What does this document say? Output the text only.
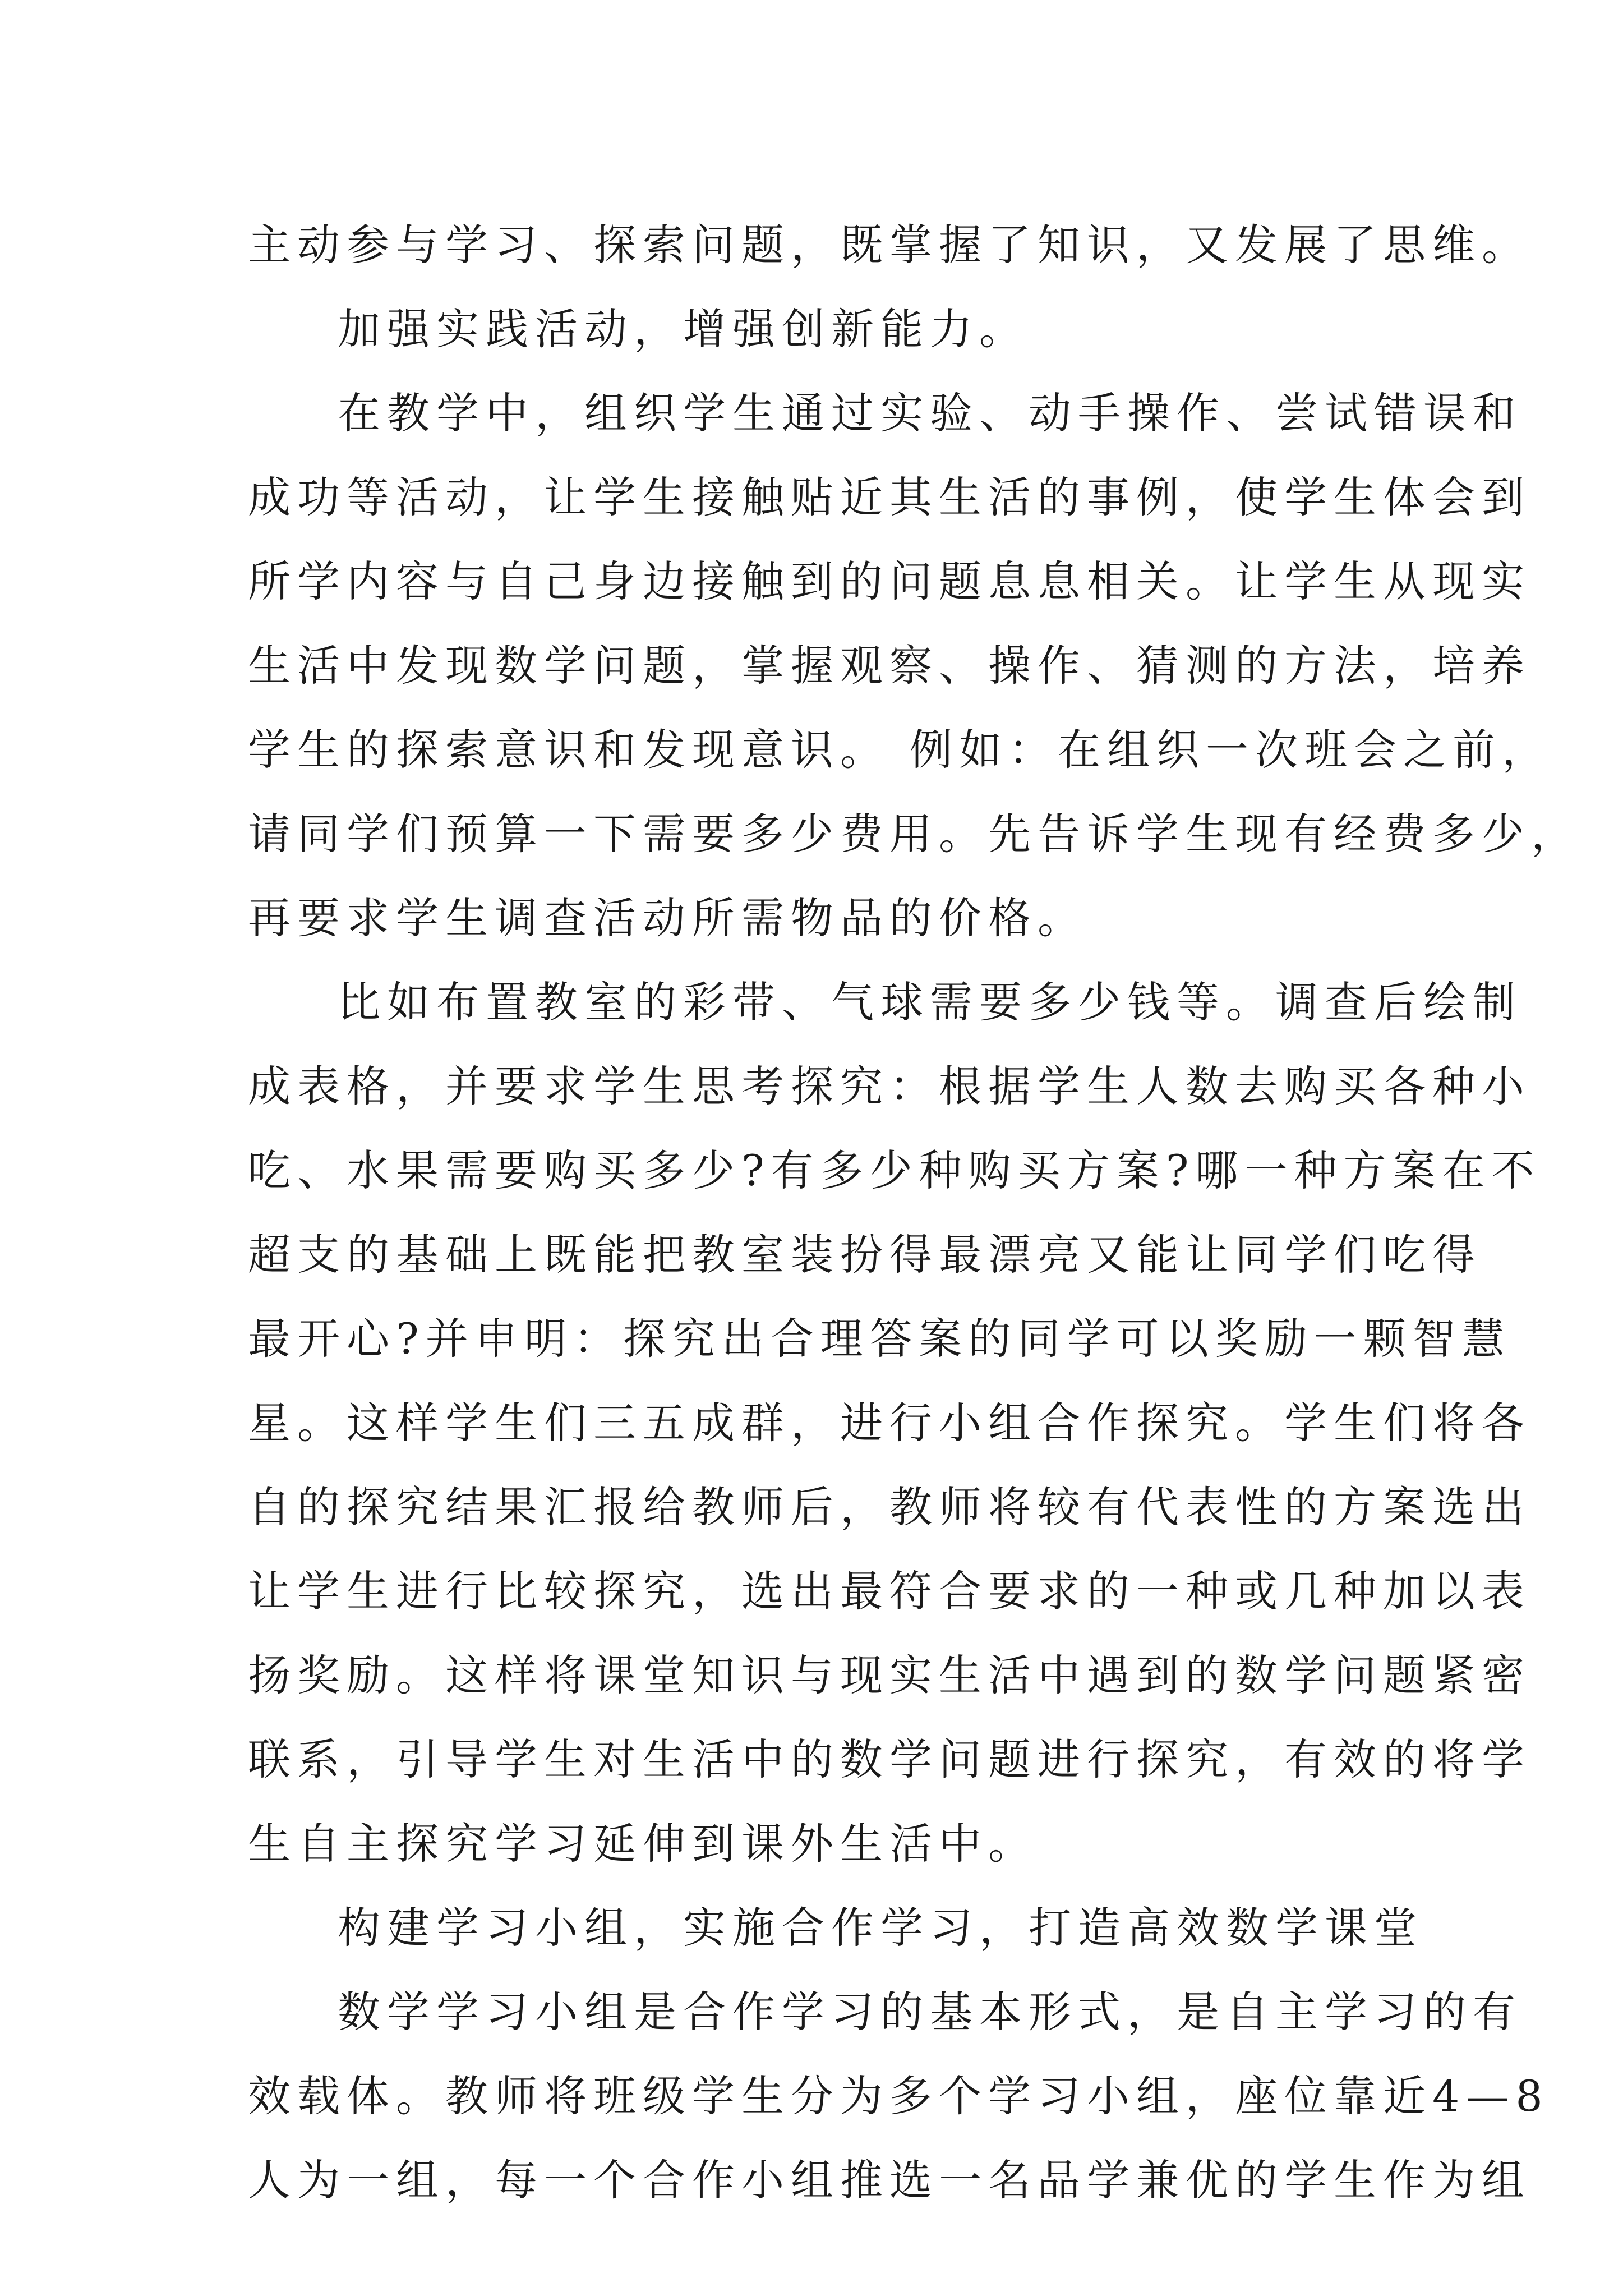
主动参与学习、探索问题，既掌握了知识，又发展了思维。
加强实践活动，增强创新能力。
在教学中，组织学生通过实验、动手操作、尝试错误和
成功等活动，让学生接触贴近其生活的事例，使学生体会到
所学内容与自己身边接触到的问题息息相关。让学生从现实
生活中发现数学问题，掌握观察、操作、猜测的方法，培养
学生的探索意识和发现意识。 例如：在组织一次班会之前，
请同学们预算一下需要多少费用。先告诉学生现有经费多少，
再要求学生调查活动所需物品的价格。
比如布置教室的彩带、气球需要多少钱等。调查后绘制
成表格，并要求学生思考探究：根据学生人数去购买各种小
吃、水果需要购买多少?有多少种购买方案?哪一种方案在不
超支的基础上既能把教室装扮得最漂亮又能让同学们吃得
最开心?并申明：探究出合理答案的同学可以奖励一颗智慧
星。这样学生们三五成群，进行小组合作探究。学生们将各
自的探究结果汇报给教师后，教师将较有代表性的方案选出
让学生进行比较探究，选出最符合要求的一种或几种加以表
扬奖励。这样将课堂知识与现实生活中遇到的数学问题紧密
联系，引导学生对生活中的数学问题进行探究，有效的将学
生自主探究学习延伸到课外生活中。
构建学习小组，实施合作学习，打造高效数学课堂
数学学习小组是合作学习的基本形式，是自主学习的有
效载体。教师将班级学生分为多个学习小组，座位靠近4—8
人为一组，每一个合作小组推选一名品学兼优的学生作为组
